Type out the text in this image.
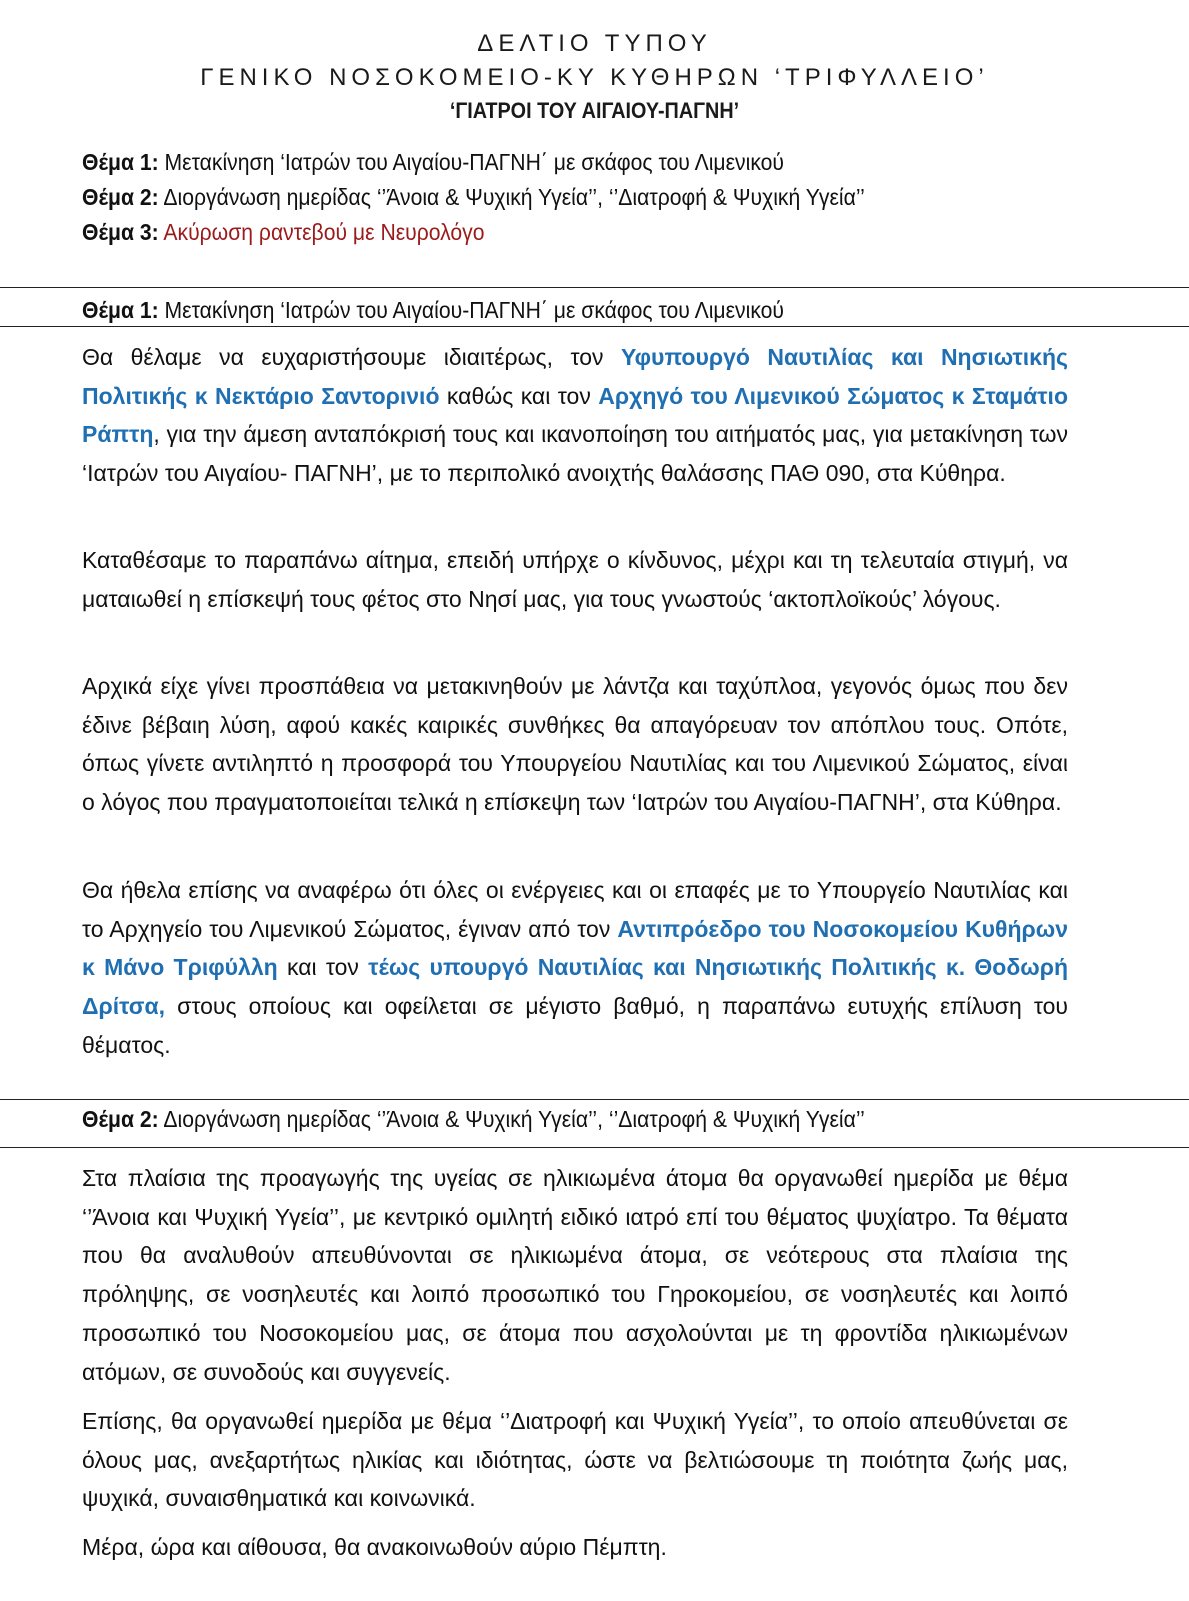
ΔΕΛΤΙΟ ΤΥΠΟΥ
ΓΕΝΙΚΟ ΝΟΣΟΚΟΜΕΙΟ-ΚΥ ΚΥΘΗΡΩΝ ‘ΤΡΙΦΥΛΛΕΙΟ’
‘ΓΙΑΤΡΟΙ ΤΟΥ ΑΙΓΑΙΟΥ-ΠΑΓΝΗ’
Θέμα 1: Μετακίνηση ‘Ιατρών του Αιγαίου-ΠΑΓΝΗ΄ με σκάφος του Λιμενικού
Θέμα 2: Διοργάνωση ημερίδας ‘’Άνοια & Ψυχική Υγεία’’, ‘’Διατροφή & Ψυχική Υγεία’’
Θέμα 3: Ακύρωση ραντεβού με Νευρολόγο
Θέμα 1: Μετακίνηση ‘Ιατρών του Αιγαίου-ΠΑΓΝΗ΄ με σκάφος του Λιμενικού
Θα θέλαμε να ευχαριστήσουμε ιδιαιτέρως, τον Υφυπουργό Ναυτιλίας και Νησιωτικής Πολιτικής κ Νεκτάριο Σαντορινιό καθώς και τον Αρχηγό του Λιμενικού Σώματος κ Σταμάτιο Ράπτη, για την άμεση ανταπόκρισή τους και ικανοποίηση του αιτήματός μας, για μετακίνηση των ‘Ιατρών του Αιγαίου- ΠΑΓΝΗ’, με το περιπολικό ανοιχτής θαλάσσης ΠΑΘ 090, στα Κύθηρα.
Καταθέσαμε το παραπάνω αίτημα, επειδή υπήρχε ο κίνδυνος, μέχρι και τη τελευταία στιγμή, να ματαιωθεί η επίσκεψή τους φέτος στο Νησί μας, για τους γνωστούς ‘ακτοπλοϊκούς’ λόγους.
Αρχικά είχε γίνει προσπάθεια να μετακινηθούν με λάντζα και ταχύπλοα, γεγονός όμως που δεν έδινε βέβαιη λύση, αφού κακές καιρικές συνθήκες θα απαγόρευαν τον απόπλου τους. Οπότε, όπως γίνετε αντιληπτό η προσφορά του Υπουργείου Ναυτιλίας και του Λιμενικού Σώματος, είναι ο λόγος που πραγματοποιείται τελικά η επίσκεψη των ‘Ιατρών του Αιγαίου-ΠΑΓΝΗ’, στα Κύθηρα.
Θα ήθελα επίσης να αναφέρω ότι όλες οι ενέργειες και οι επαφές με το Υπουργείο Ναυτιλίας και το Αρχηγείο του Λιμενικού Σώματος, έγιναν από τον Αντιπρόεδρο του Νοσοκομείου Κυθήρων κ Μάνο Τριφύλλη και τον τέως υπουργό Ναυτιλίας και Νησιωτικής Πολιτικής κ. Θοδωρή Δρίτσα, στους οποίους και οφείλεται σε μέγιστο βαθμό, η παραπάνω ευτυχής επίλυση του θέματος.
Θέμα 2: Διοργάνωση ημερίδας ‘’Άνοια & Ψυχική Υγεία’’, ‘’Διατροφή & Ψυχική Υγεία’’
Στα πλαίσια της προαγωγής της υγείας σε ηλικιωμένα άτομα θα οργανωθεί ημερίδα με θέμα ‘’Άνοια και Ψυχική Υγεία’’, με κεντρικό ομιλητή ειδικό ιατρό επί του θέματος ψυχίατρο. Τα θέματα που θα αναλυθούν απευθύνονται σε ηλικιωμένα άτομα, σε νεότερους στα πλαίσια της πρόληψης, σε νοσηλευτές και λοιπό προσωπικό του Γηροκομείου, σε νοσηλευτές και λοιπό προσωπικό του Νοσοκομείου μας, σε άτομα που ασχολούνται με τη φροντίδα ηλικιωμένων ατόμων, σε συνοδούς και συγγενείς.
Επίσης, θα οργανωθεί ημερίδα με θέμα ‘’Διατροφή και Ψυχική Υγεία’’, το οποίο απευθύνεται σε όλους μας, ανεξαρτήτως ηλικίας και ιδιότητας, ώστε να βελτιώσουμε τη ποιότητα ζωής μας, ψυχικά, συναισθηματικά και κοινωνικά.
Μέρα, ώρα και αίθουσα, θα ανακοινωθούν αύριο Πέμπτη.
